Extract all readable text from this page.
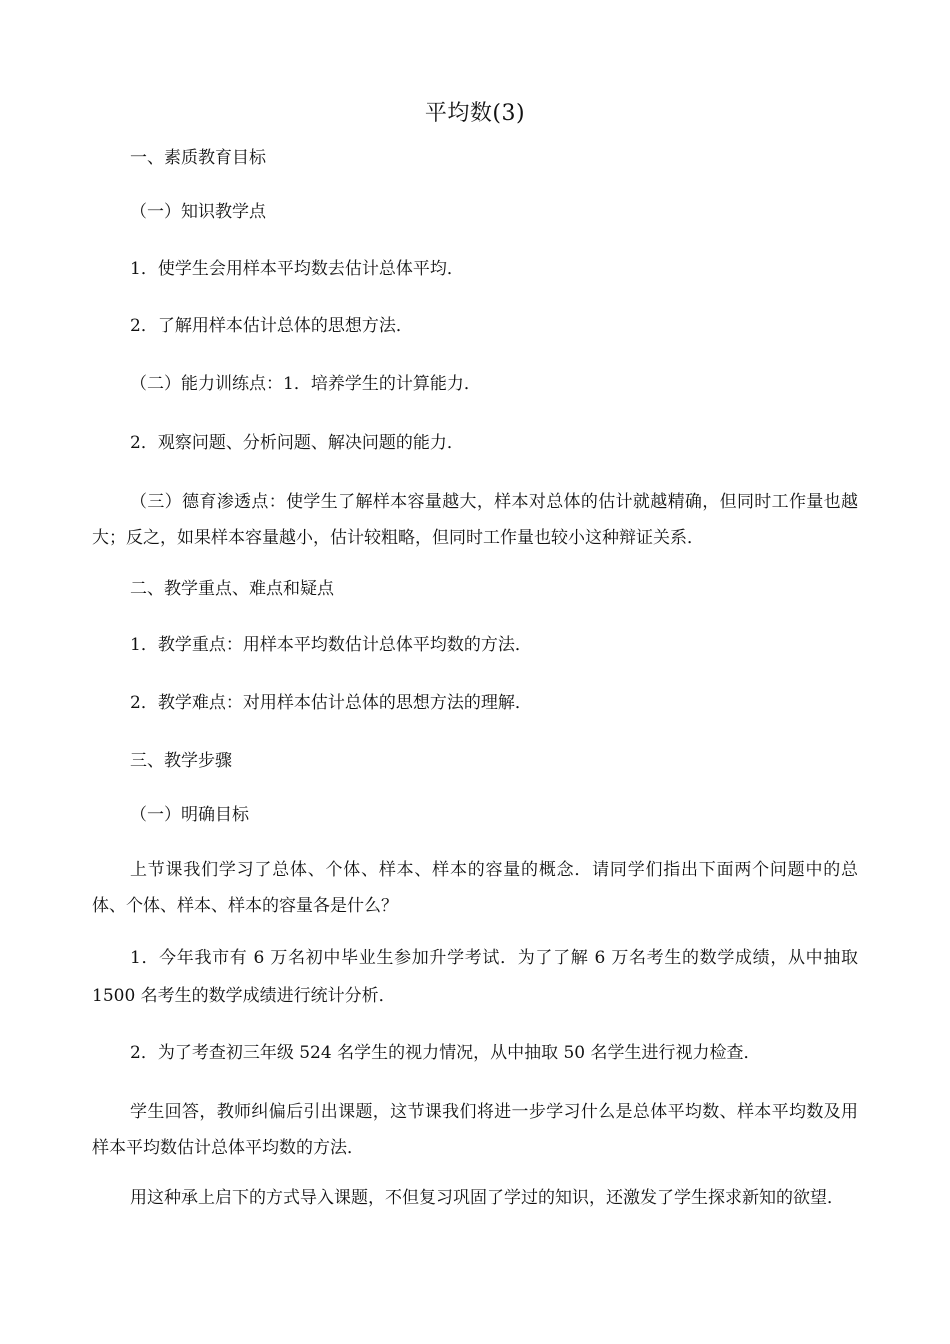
平均数(3)
一、素质教育目标
（一）知识教学点
1．使学生会用样本平均数去估计总体平均．
2．了解用样本估计总体的思想方法．
（二）能力训练点：1．培养学生的计算能力．
2．观察问题、分析问题、解决问题的能力．
（三）德育渗透点：使学生了解样本容量越大，样本对总体的估计就越精确，但同时工作量也越大；反之，如果样本容量越小，估计较粗略，但同时工作量也较小这种辩证关系．
二、教学重点、难点和疑点
1．教学重点：用样本平均数估计总体平均数的方法．
2．教学难点：对用样本估计总体的思想方法的理解．
三、教学步骤
（一）明确目标
上节课我们学习了总体、个体、样本、样本的容量的概念．请同学们指出下面两个问题中的总体、个体、样本、样本的容量各是什么？
1．今年我市有 6 万名初中毕业生参加升学考试．为了了解 6 万名考生的数学成绩，从中抽取 1500 名考生的数学成绩进行统计分析．
2．为了考查初三年级 524 名学生的视力情况，从中抽取 50 名学生进行视力检查．
学生回答，教师纠偏后引出课题，这节课我们将进一步学习什么是总体平均数、样本平均数及用样本平均数估计总体平均数的方法．
用这种承上启下的方式导入课题，不但复习巩固了学过的知识，还激发了学生探求新知的欲望．
